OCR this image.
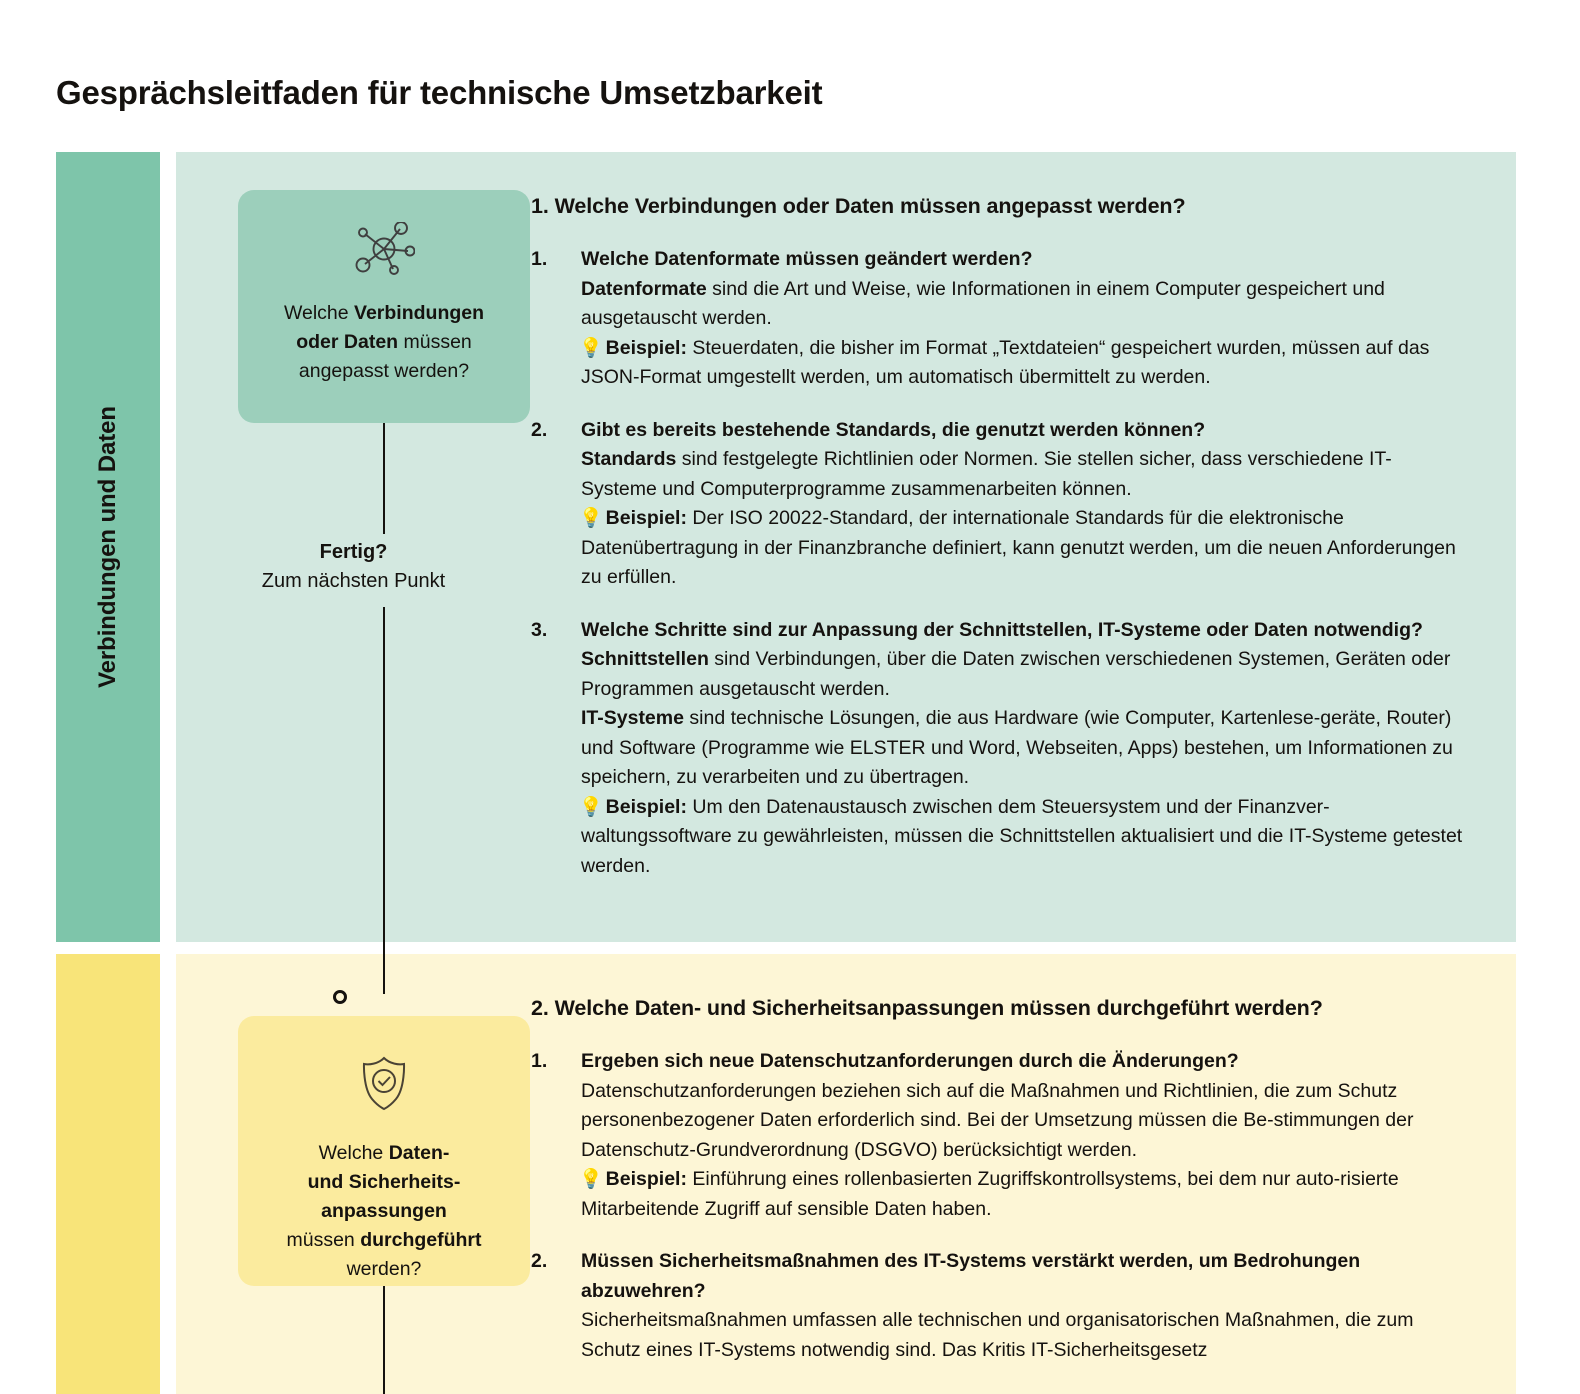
Gesprächsleitfaden für technische Umsetzbarkeit
Verbindungen und Daten
Welche Verbindungen
oder Daten müssen
angepasst werden?
Fertig?
Zum nächsten Punkt
1. Welche Verbindungen oder Daten müssen angepasst werden?
1.	Welche Datenformate müssen geändert werden?

Datenformate sind die Art und Weise, wie Informationen in einem Computer gespeichert und ausgetauscht werden.

💡 Beispiel: Steuerdaten, die bisher im Format „Textdateien“ gespeichert wurden, müssen auf das JSON-Format umgestellt werden, um automatisch übermittelt zu werden.

2.	Gibt es bereits bestehende Standards, die genutzt werden können?

Standards sind festgelegte Richtlinien oder Normen. Sie stellen sicher, dass verschiedene IT-Systeme und Computerprogramme zusammenarbeiten können.

💡 Beispiel: Der ISO 20022-Standard, der internationale Standards für die elektronische Datenübertragung in der Finanzbranche definiert, kann genutzt werden, um die neuen Anforderungen zu erfüllen.

3.	Welche Schritte sind zur Anpassung der Schnittstellen, IT-Systeme oder Daten notwendig?

Schnittstellen sind Verbindungen, über die Daten zwischen verschiedenen Systemen, Geräten oder Programmen ausgetauscht werden.

IT-Systeme sind technische Lösungen, die aus Hardware (wie Computer, Kartenlese-geräte, Router) und Software (Programme wie ELSTER und Word, Webseiten, Apps) bestehen, um Informationen zu speichern, zu verarbeiten und zu übertragen.

💡 Beispiel: Um den Datenaustausch zwischen dem Steuersystem und der Finanzver-waltungssoftware zu gewährleisten, müssen die Schnittstellen aktualisiert und die IT-Systeme getestet werden.

Welche Daten-
und Sicherheits-
anpassungen
müssen durchgeführt
werden?
2. Welche Daten- und Sicherheitsanpassungen müssen durchgeführt werden?
1.	Ergeben sich neue Datenschutzanforderungen durch die Änderungen?

Datenschutzanforderungen beziehen sich auf die Maßnahmen und Richtlinien, die zum Schutz personenbezogener Daten erforderlich sind. Bei der Umsetzung müssen die Be-stimmungen der Datenschutz-Grundverordnung (DSGVO) berücksichtigt werden.

💡 Beispiel: Einführung eines rollenbasierten Zugriffskontrollsystems, bei dem nur auto-risierte Mitarbeitende Zugriff auf sensible Daten haben.

2.	Müssen Sicherheitsmaßnahmen des IT-Systems verstärkt werden, um Bedrohungen abzuwehren?

Sicherheitsmaßnahmen umfassen alle technischen und organisatorischen Maßnahmen, die zum Schutz eines IT-Systems notwendig sind. Das Kritis IT-Sicherheitsgesetz
